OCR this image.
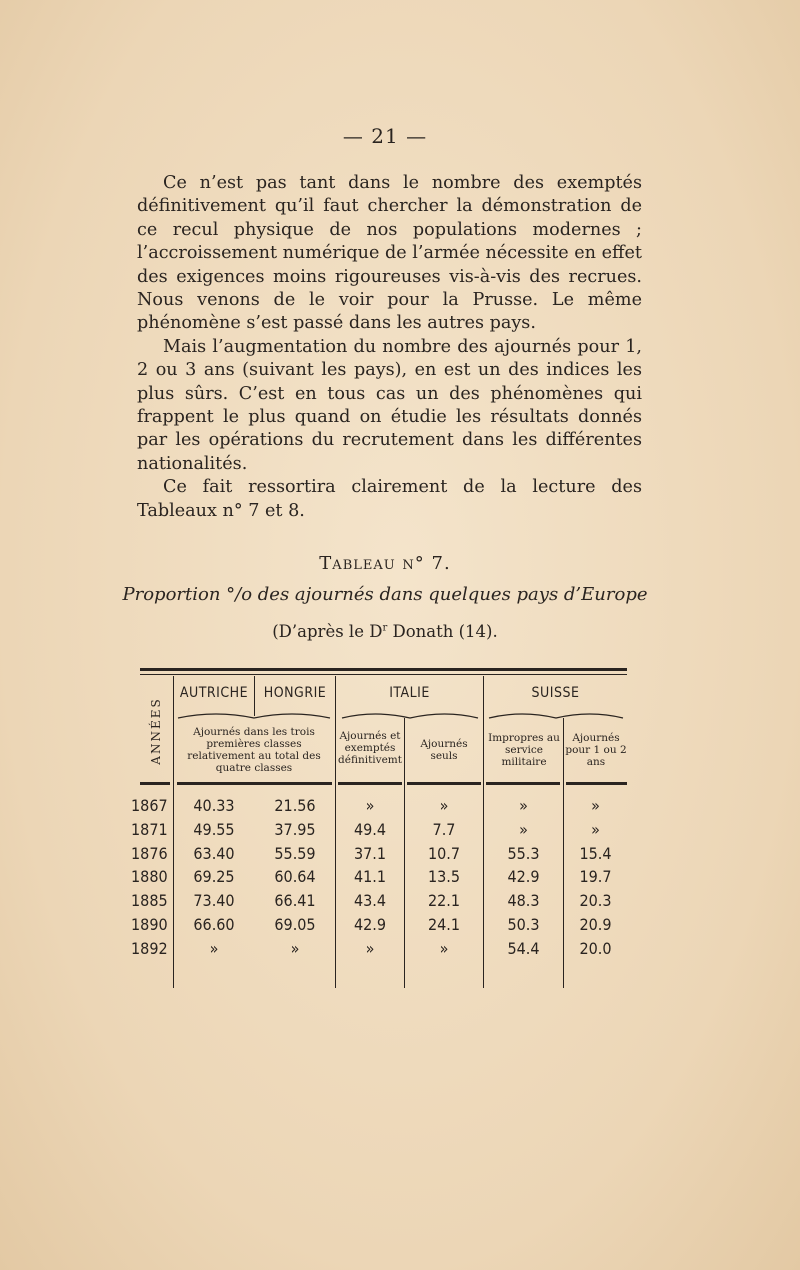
— 21 —

Ce n’est pas tant dans le nombre des exemptés définitivement qu’il faut chercher la démonstration de ce recul physique de nos populations modernes ; l’accroissement numérique de l’armée nécessite en effet des exigences moins rigoureuses vis-à-vis des recrues. Nous venons de le voir pour la Prusse. Le même phénomène s’est passé dans les autres pays.

Mais l’augmentation du nombre des ajournés pour 1, 2 ou 3 ans (suivant les pays), en est un des indices les plus sûrs. C’est en tous cas un des phénomènes qui frappent le plus quand on étudie les résultats donnés par les opérations du recrutement dans les différentes nationalités.

Ce fait ressortira clairement de la lecture des Tableaux n° 7 et 8.

Tableau n° 7.
Proportion °/o des ajournés dans quelques pays d’Europe
(D’après le $D^r$ Donath (14).
ANNÉES
AUTRICHE	HONGRIE	ITALIE	SUISSE
Ajournés dans les trois premières classes relativement au total des quatre classes
Ajournés et exemptés définitivemt
Ajournés seuls
Impropres au service militaire
Ajournés pour 1 ou 2 ans
1867	40.33	21.56	»	»	»	»
1871	49.55	37.95	49.4	7.7	»	»
1876	63.40	55.59	37.1	10.7	55.3	15.4
1880	69.25	60.64	41.1	13.5	42.9	19.7
1885	73.40	66.41	43.4	22.1	48.3	20.3
1890	66.60	69.05	42.9	24.1	50.3	20.9
1892	»	»	»	»	54.4	20.0
